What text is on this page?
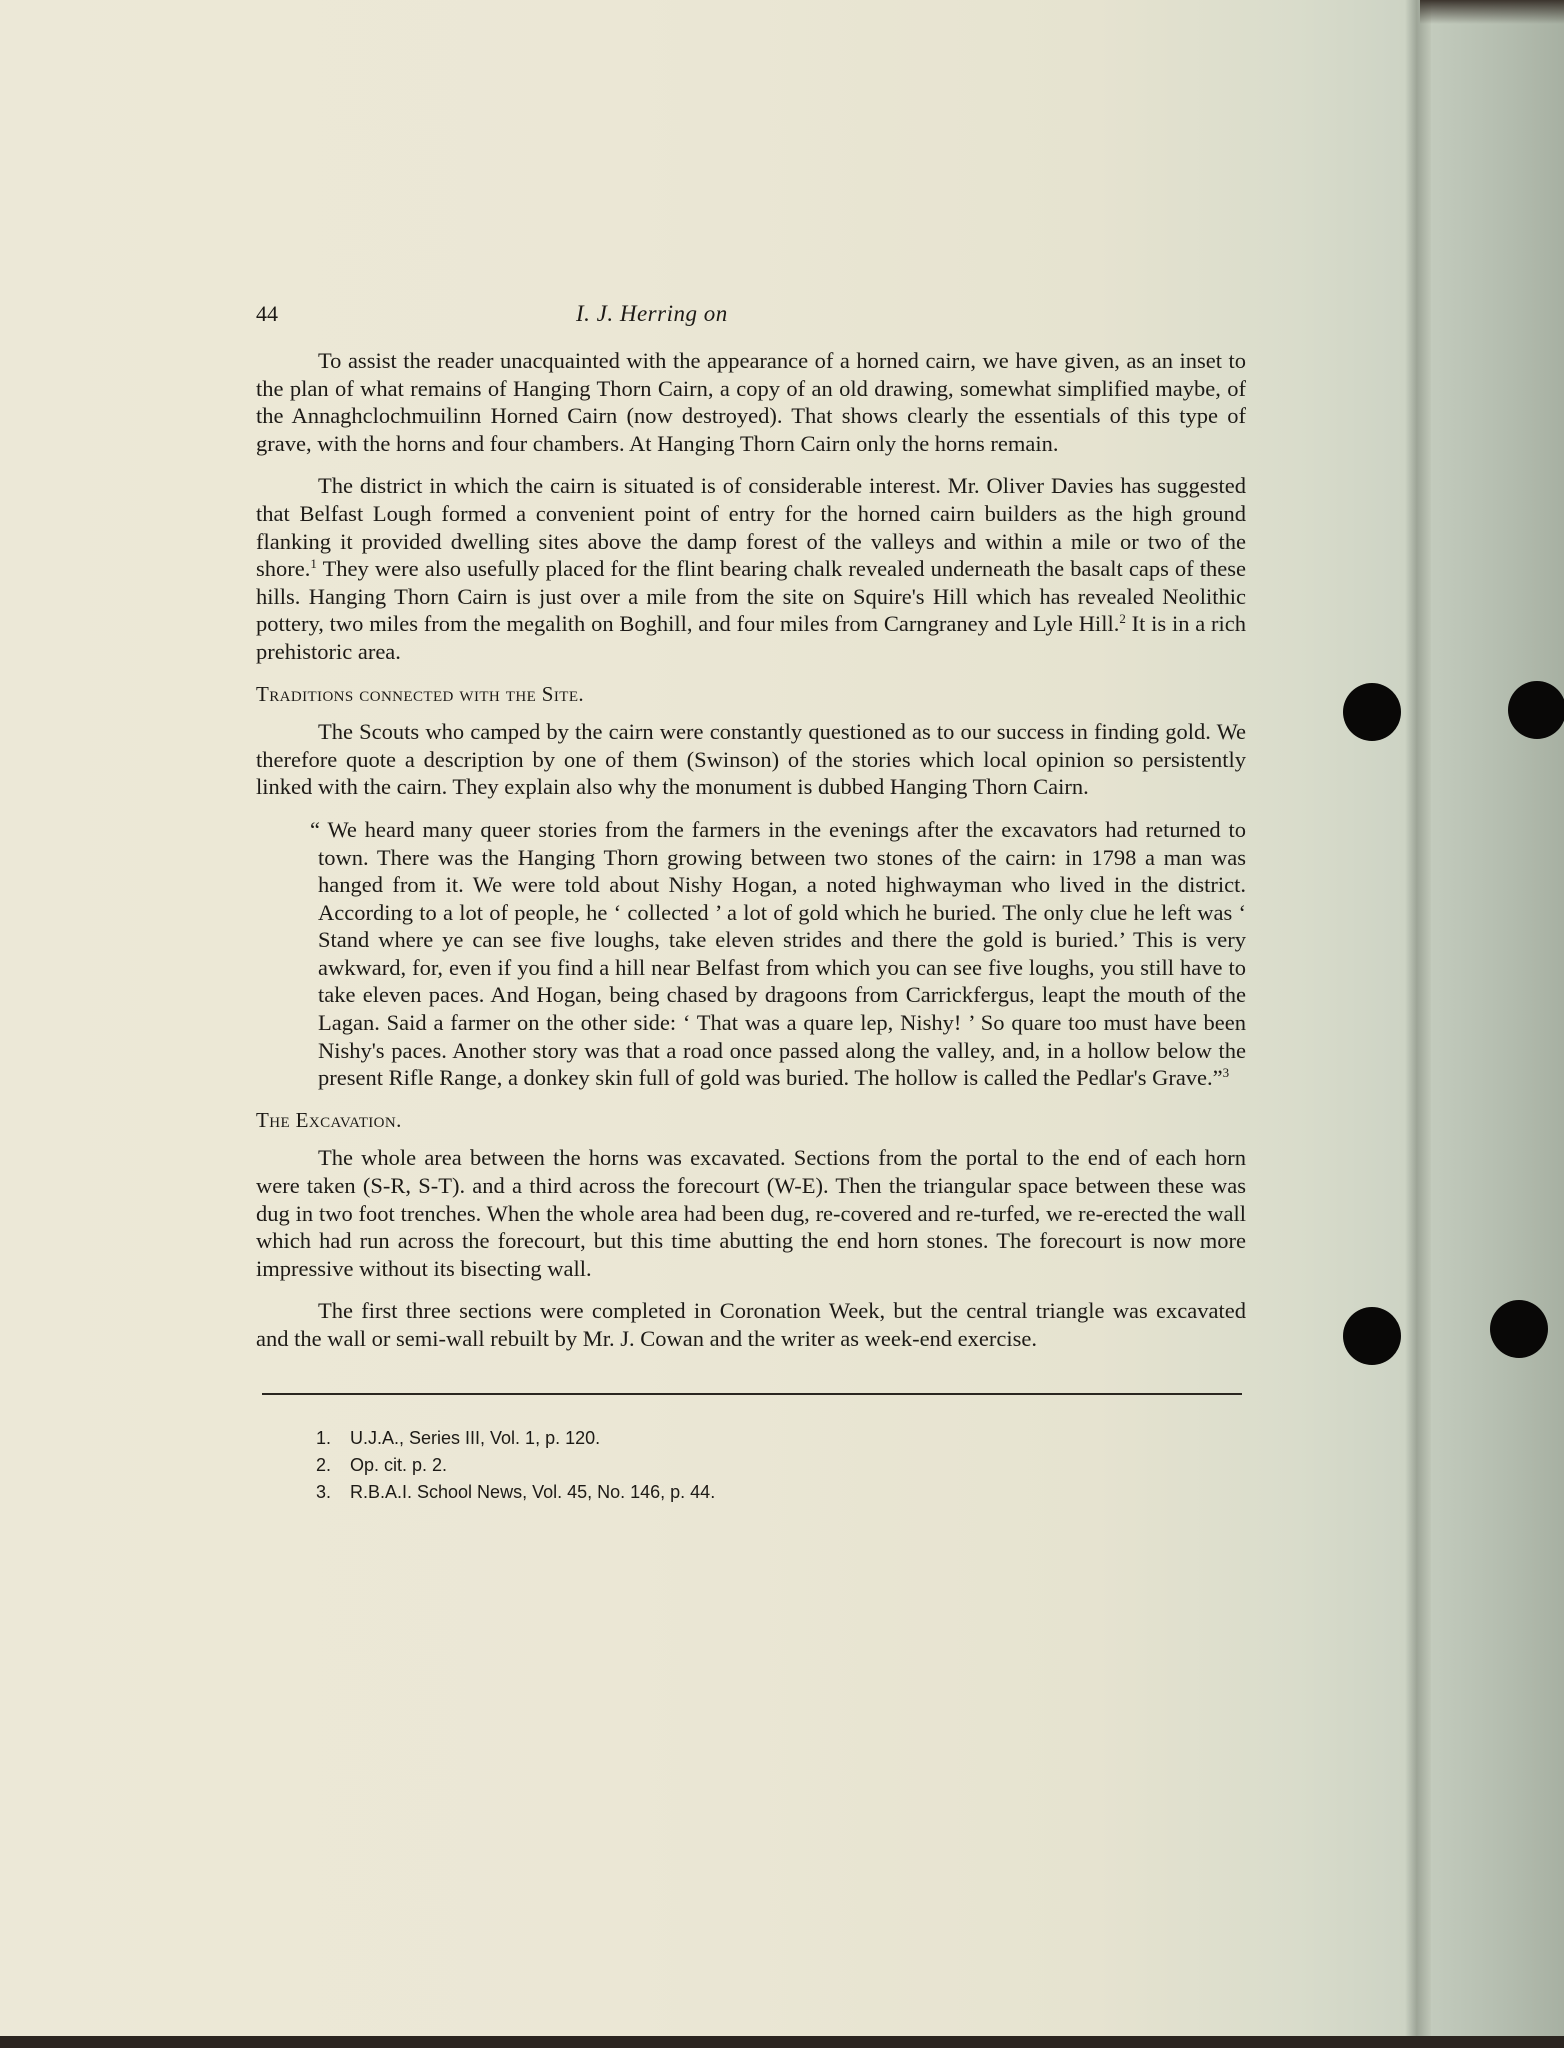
44	I. J. Herring on

To assist the reader unacquainted with the appearance of a horned cairn, we have given, as an inset to the plan of what remains of Hanging Thorn Cairn, a copy of an old drawing, somewhat simplified maybe, of the Annaghclochmuilinn Horned Cairn (now destroyed). That shows clearly the essentials of this type of grave, with the horns and four chambers. At Hanging Thorn Cairn only the horns remain.

The district in which the cairn is situated is of considerable interest. Mr. Oliver Davies has suggested that Belfast Lough formed a convenient point of entry for the horned cairn builders as the high ground flanking it provided dwelling sites above the damp forest of the valleys and within a mile or two of the shore.$^1$ They were also usefully placed for the flint bearing chalk revealed underneath the basalt caps of these hills. Hanging Thorn Cairn is just over a mile from the site on Squire's Hill which has revealed Neolithic pottery, two miles from the megalith on Boghill, and four miles from Carngraney and Lyle Hill.$^2$ It is in a rich prehistoric area.

Traditions connected with the Site.

The Scouts who camped by the cairn were constantly questioned as to our success in finding gold. We therefore quote a description by one of them (Swinson) of the stories which local opinion so persistently linked with the cairn. They explain also why the monument is dubbed Hanging Thorn Cairn.

“ We heard many queer stories from the farmers in the evenings after the excavators had returned to town. There was the Hanging Thorn growing between two stones of the cairn: in 1798 a man was hanged from it. We were told about Nishy Hogan, a noted highwayman who lived in the district. According to a lot of people, he ‘ collected ’ a lot of gold which he buried. The only clue he left was ‘ Stand where ye can see five loughs, take eleven strides and there the gold is buried.’ This is very awkward, for, even if you find a hill near Belfast from which you can see five loughs, you still have to take eleven paces. And Hogan, being chased by dragoons from Carrickfergus, leapt the mouth of the Lagan. Said a farmer on the other side: ‘ That was a quare lep, Nishy! ’ So quare too must have been Nishy's paces. Another story was that a road once passed along the valley, and, in a hollow below the present Rifle Range, a donkey skin full of gold was buried. The hollow is called the Pedlar's Grave.”$^3$

The Excavation.

The whole area between the horns was excavated. Sections from the portal to the end of each horn were taken (S-R, S-T). and a third across the forecourt (W-E). Then the triangular space between these was dug in two foot trenches. When the whole area had been dug, re-covered and re-turfed, we re-erected the wall which had run across the forecourt, but this time abutting the end horn stones. The forecourt is now more impressive without its bisecting wall.

The first three sections were completed in Coronation Week, but the central triangle was excavated and the wall or semi-wall rebuilt by Mr. J. Cowan and the writer as week-end exercise.

1. U.J.A., Series III, Vol. 1, p. 120.
2. Op. cit. p. 2.
3. R.B.A.I. School News, Vol. 45, No. 146, p. 44.
